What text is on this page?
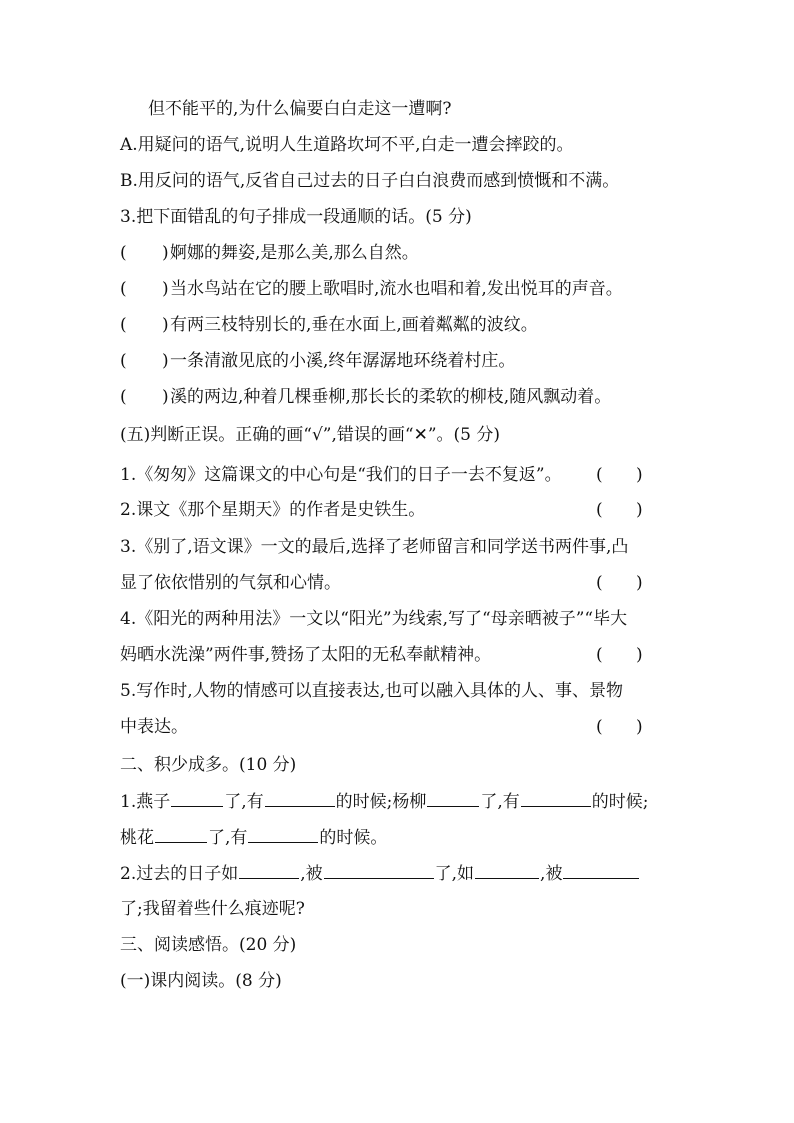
但不能平的,为什么偏要白白走这一遭啊?
A.用疑问的语气,说明人生道路坎坷不平,白走一遭会摔跤的。
B.用反问的语气,反省自己过去的日子白白浪费而感到愤慨和不满。
3.把下面错乱的句子排成一段通顺的话。(5 分)
( ) 婀娜的舞姿,是那么美,那么自然。
( ) 当水鸟站在它的腰上歌唱时,流水也唱和着,发出悦耳的声音。
( ) 有两三枝特别长的,垂在水面上,画着粼粼的波纹。
( ) 一条清澈见底的小溪,终年潺潺地环绕着村庄。
( ) 溪的两边,种着几棵垂柳,那长长的柔软的柳枝,随风飘动着。
(五)判断正误。正确的画“√”,错误的画“✕”。(5 分)
1.《匆匆》这篇课文的中心句是“我们的日子一去不复返”。	( )
2.课文《那个星期天》的作者是史铁生。	( )
3.《别了,语文课》一文的最后,选择了老师留言和同学送书两件事,凸
显了依依惜别的气氛和心情。	( )
4.《阳光的两种用法》一文以“阳光”为线索,写了“母亲晒被子”“毕大
妈晒水洗澡”两件事,赞扬了太阳的无私奉献精神。	( )
5.写作时,人物的情感可以直接表达,也可以融入具体的人、事、景物
中表达。	( )
二、积少成多。(10 分)
1.燕子	了,有	的时候;杨柳	了,有	的时候;
桃花	了,有	的时候。
2.过去的日子如	,被	了,如	,被
了;我留着些什么痕迹呢?
三、阅读感悟。(20 分)
(一)课内阅读。(8 分)
